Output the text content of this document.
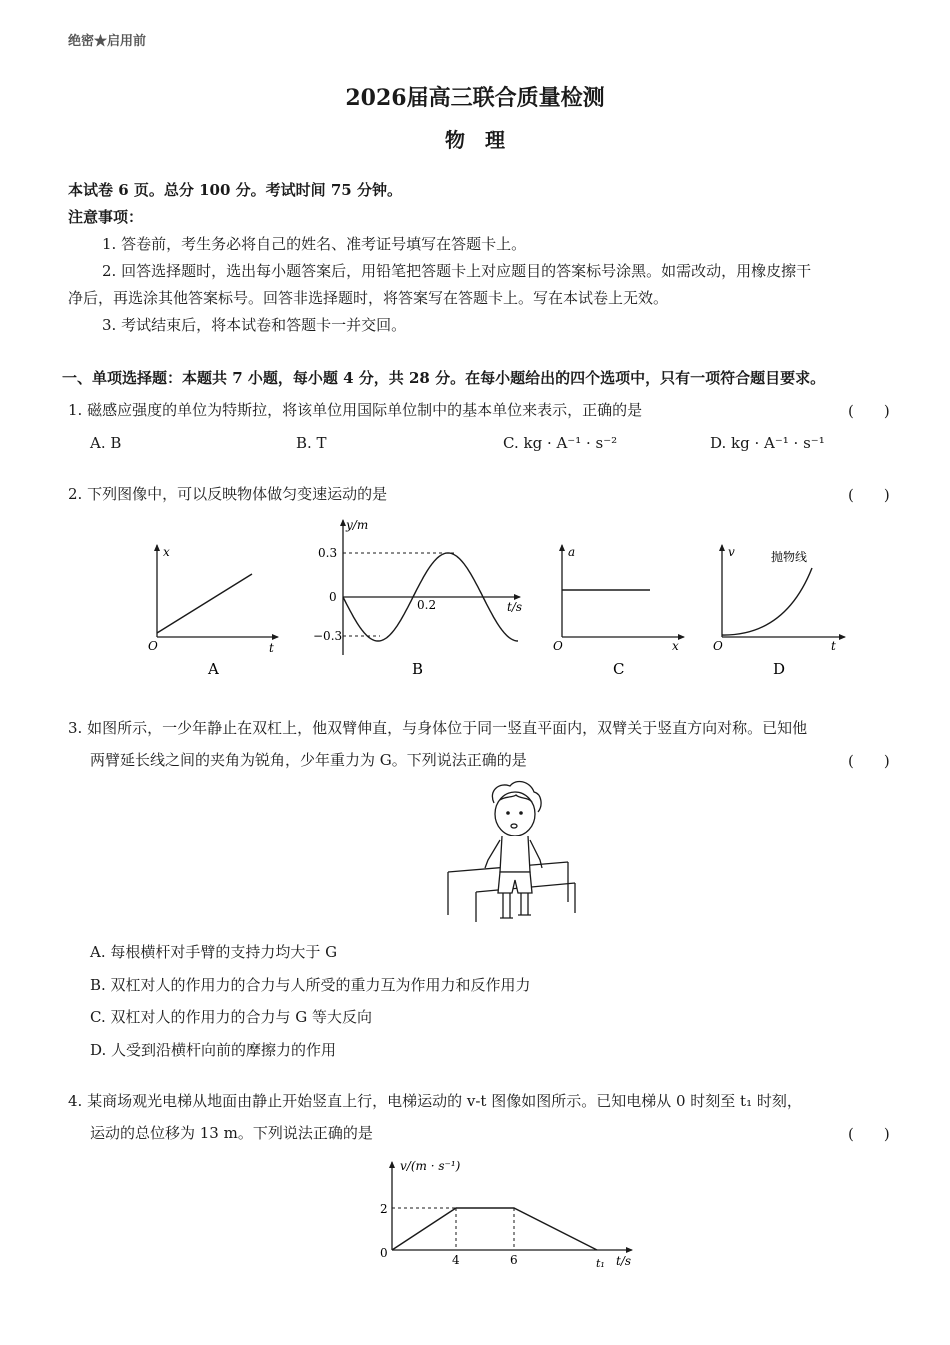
绝密★启用前
2026届高三联合质量检测
物　理
本试卷 6 页。总分 100 分。考试时间 75 分钟。
注意事项：
1. 答卷前，考生务必将自己的姓名、准考证号填写在答题卡上。
2. 回答选择题时，选出每小题答案后，用铅笔把答题卡上对应题目的答案标号涂黑。如需改动，用橡皮擦干
净后，再选涂其他答案标号。回答非选择题时，将答案写在答题卡上。写在本试卷上无效。
3. 考试结束后，将本试卷和答题卡一并交回。
一、单项选择题：本题共 7 小题，每小题 4 分，共 28 分。在每小题给出的四个选项中，只有一项符合题目要求。
1. 磁感应强度的单位为特斯拉，将该单位用国际单位制中的基本单位来表示，正确的是	(　　)
A. B	B. T	C. kg · A⁻¹ · s⁻²	D. kg · A⁻¹ · s⁻¹
2. 下列图像中，可以反映物体做匀变速运动的是	(　　)
x
t
O
A
y/m
t/s
0.3
0
−0.3
0.2
B
a
x
O
C
v	抛物线
t
O
D
v/(m · s⁻¹)
t/s
2
0	4	6	t₁
3. 如图所示，一少年静止在双杠上，他双臂伸直，与身体位于同一竖直平面内，双臂关于竖直方向对称。已知他
两臂延长线之间的夹角为锐角，少年重力为 G。下列说法正确的是	(　　)
A. 每根横杆对手臂的支持力均大于 G
B. 双杠对人的作用力的合力与人所受的重力互为作用力和反作用力
C. 双杠对人的作用力的合力与 G 等大反向
D. 人受到沿横杆向前的摩擦力的作用
4. 某商场观光电梯从地面由静止开始竖直上行，电梯运动的 v-t 图像如图所示。已知电梯从 0 时刻至 t₁ 时刻，
运动的总位移为 13 m。下列说法正确的是	(　　)
